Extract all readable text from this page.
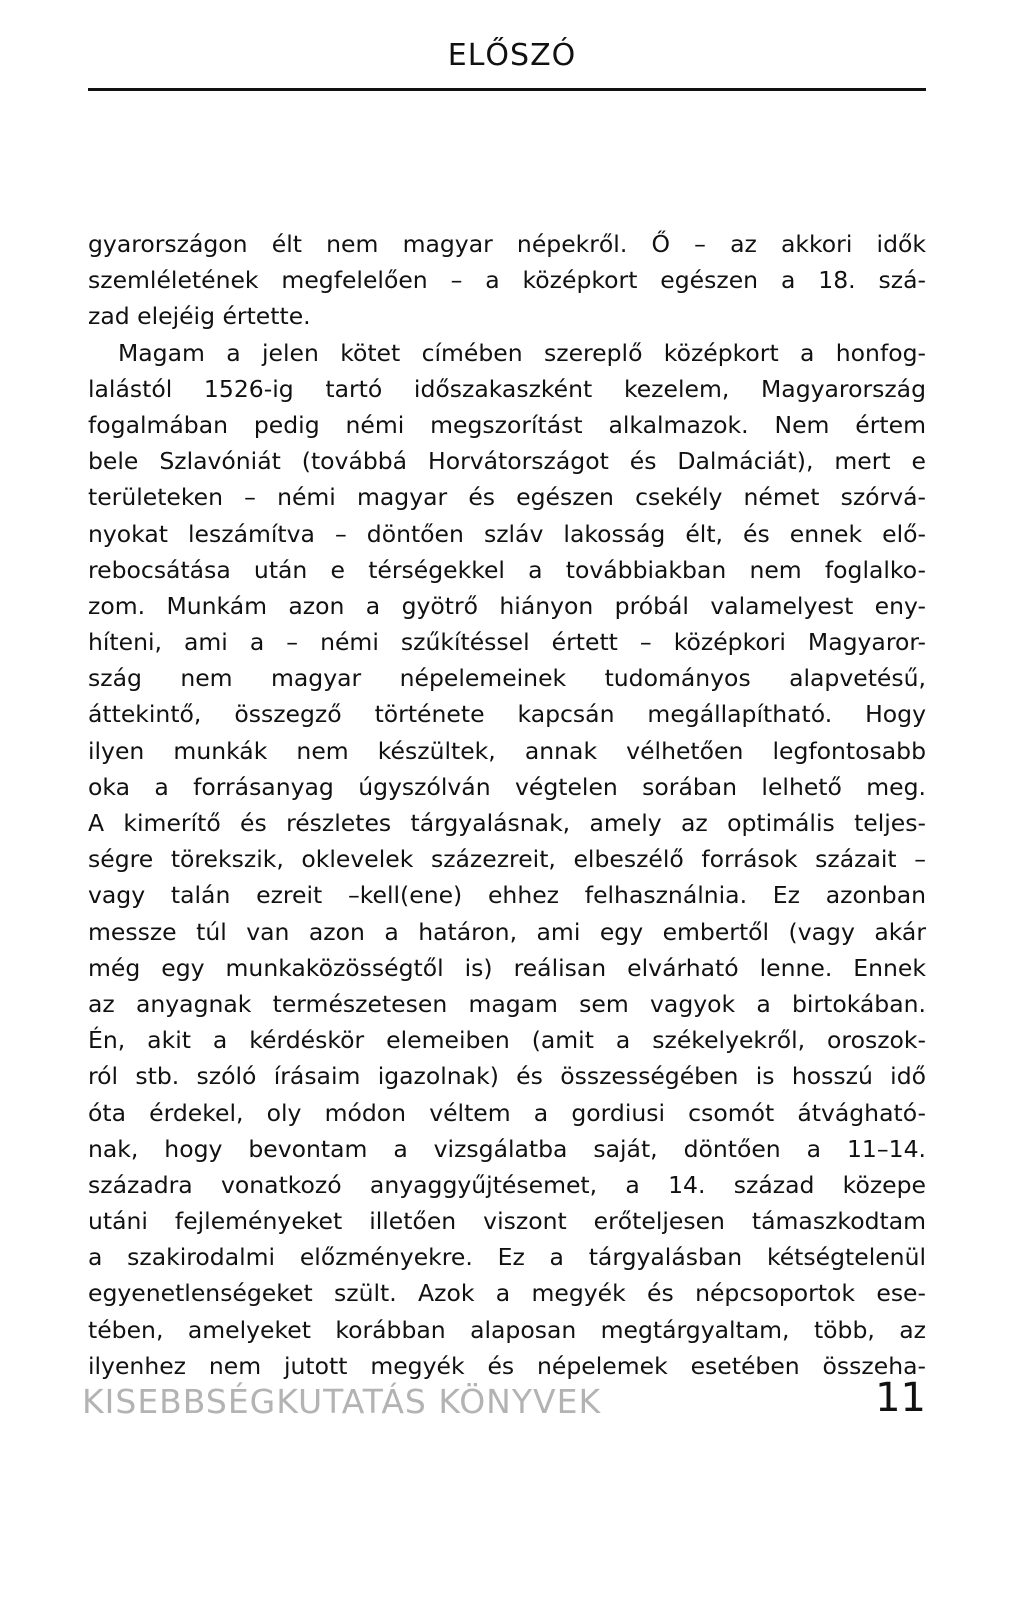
ELŐSZÓ
gyarországon élt nem magyar népekről. Ő – az akkori idők
szemléletének megfelelően – a középkort egészen a 18. szá-
zad elejéig értette.
Magam a jelen kötet címében szereplő középkort a honfog-
lalástól 1526-ig tartó időszakaszként kezelem, Magyarország
fogalmában pedig némi megszorítást alkalmazok. Nem értem
bele Szlavóniát (továbbá Horvátországot és Dalmáciát), mert e
területeken – némi magyar és egészen csekély német szórvá-
nyokat leszámítva – döntően szláv lakosság élt, és ennek elő-
rebocsátása után e térségekkel a továbbiakban nem foglalko-
zom. Munkám azon a gyötrő hiányon próbál valamelyest eny-
híteni, ami a – némi szűkítéssel értett – középkori Magyaror-
szág nem magyar népelemeinek tudományos alapvetésű,
áttekintő, összegző története kapcsán megállapítható. Hogy
ilyen munkák nem készültek, annak vélhetően legfontosabb
oka a forrásanyag úgyszólván végtelen sorában lelhető meg.
A kimerítő és részletes tárgyalásnak, amely az optimális teljes-
ségre törekszik, oklevelek százezreit, elbeszélő források százait –
vagy talán ezreit –kell(ene) ehhez felhasználnia. Ez azonban
messze túl van azon a határon, ami egy embertől (vagy akár
még egy munkaközösségtől is) reálisan elvárható lenne. Ennek
az anyagnak természetesen magam sem vagyok a birtokában.
Én, akit a kérdéskör elemeiben (amit a székelyekről, oroszok-
ról stb. szóló írásaim igazolnak) és összességében is hosszú idő
óta érdekel, oly módon véltem a gordiusi csomót átvágható-
nak, hogy bevontam a vizsgálatba saját, döntően a 11–14.
századra vonatkozó anyaggyűjtésemet, a 14. század közepe
utáni fejleményeket illetően viszont erőteljesen támaszkodtam
a szakirodalmi előzményekre. Ez a tárgyalásban kétségtelenül
egyenetlenségeket szült. Azok a megyék és népcsoportok ese-
tében, amelyeket korábban alaposan megtárgyaltam, több, az
ilyenhez nem jutott megyék és népelemek esetében összeha-
KISEBBSÉGKUTATÁS KÖNYVEK	11
